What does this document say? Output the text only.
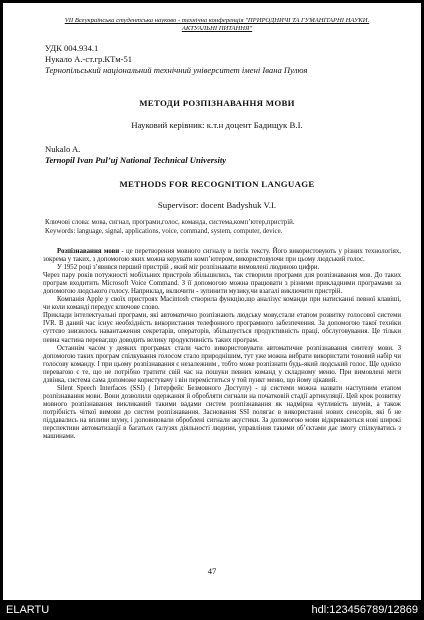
VII Всеукраїнська студентська науково - технічна конференція "ПРИРОДНИЧІ ТА ГУМАНІТАРНІ НАУКИ.
АКТУАЛЬНІ ПИТАННЯ"
УДК 004.934.1
Нукало А.-ст.гр.КТм-51
Тернопільський національний технічний університет імені Івана Пулюя
МЕТОДИ РОЗПІЗНАВАННЯ МОВИ
Науковий керівник: к.т.н доцент Бадищук В.І.
Nukalo A.
Ternopil Ivan Pul’uj National Technical University
METHODS FOR RECOGNITION LANGUAGE
Supervisor: docent Badyshuk V.I.
Ключові слова: мова, сигнал, програми,голос, команда, система,комп’ютер,пристрій.
Keywords: language, signal, applications, voice, command, system, computer, device.

Розпізнавання мови - це перетворення мовного сигналу в потік тексту. Його використовують у різних технологіях, зокрема у таких, з допомогою яких можна керувати комп’ютером, використовуючи при цьому людський голос.

У 1952 році з’явився перший пристрій , який міг розпізнавати вимовлені людиною цифри.

Через пару років потужності мобільних пристроїв збільшились, так створили програми для розпізнавання мов. До таких програм входитить Microsoft Voice Command. З її допомогою можна працювати з різними прикладними програмами за допомогою людського голосу. Наприклад, включити - зупинити музику,чи взагалі виключити пристрій.

Компанія Apple у своїх пристроях Macintosh створила функцію,що аналізує команди при натисканні певної клавіші, чи коли командi передує ключове слово.

Приклади інтелектуальні програми, які автоматично розпізнають людську мову,стали етапом розвитку голосової системи IVR. В даний час існує необхідність використання телефонного програмного забезпечення. За допомогою такої техніки суттєво знизилось навантаження секретарів, операторів, збільшується продуктивність праці, обслуговування. Це тільки певна частина переваг,що доводить велику продуктивність таких програм.

Останнім часом у деяких програмах стали часто використовувати автоматичне розпізнавання синтезу мови. З допомогою таких програм спілкування голосом стало природнішим, тут уже можна вибрати використати тоновий набір чи голосову команду. І при цьому розпізнавання є незалежним , тобто може розпізнати будь-який людський голос. Ще однією перевагою є те, що не потрібно тратити свій час на пошуки певних команд у складному меню. При вимовлені мети дзвінка, система сама допоможе користувачу і він переміститься у той пункт меню, що йому цікавий.

Silent Speech Interfaces (SSI) ( Інтерфейс Безмовного Доступу) - ці системи можна назвати наступним етапом розпізнавання мови. Вони дозволили одержання й обробляти сигнали на початковій стадії артикуляції. Цей крок розвитку мовного розпізнавання викликаний такими вадами систем розпізнавання як надмірна чутливість шумів, а також потрібність чіткої вимови до систем розпізнавання. Засновання SSI полягає в використанні нових сенсорів, які б не піддавались на впливи шуму, і доповнювали оброблені сигнали акустики. За допомогою мови відкриваються нові широкі перспективи автоматизації в багатьох галузях діяльності людини, управління такими об’єктами дає змогу спілкуватись з машинами.

47
ELARTU	hdl:123456789/12869
